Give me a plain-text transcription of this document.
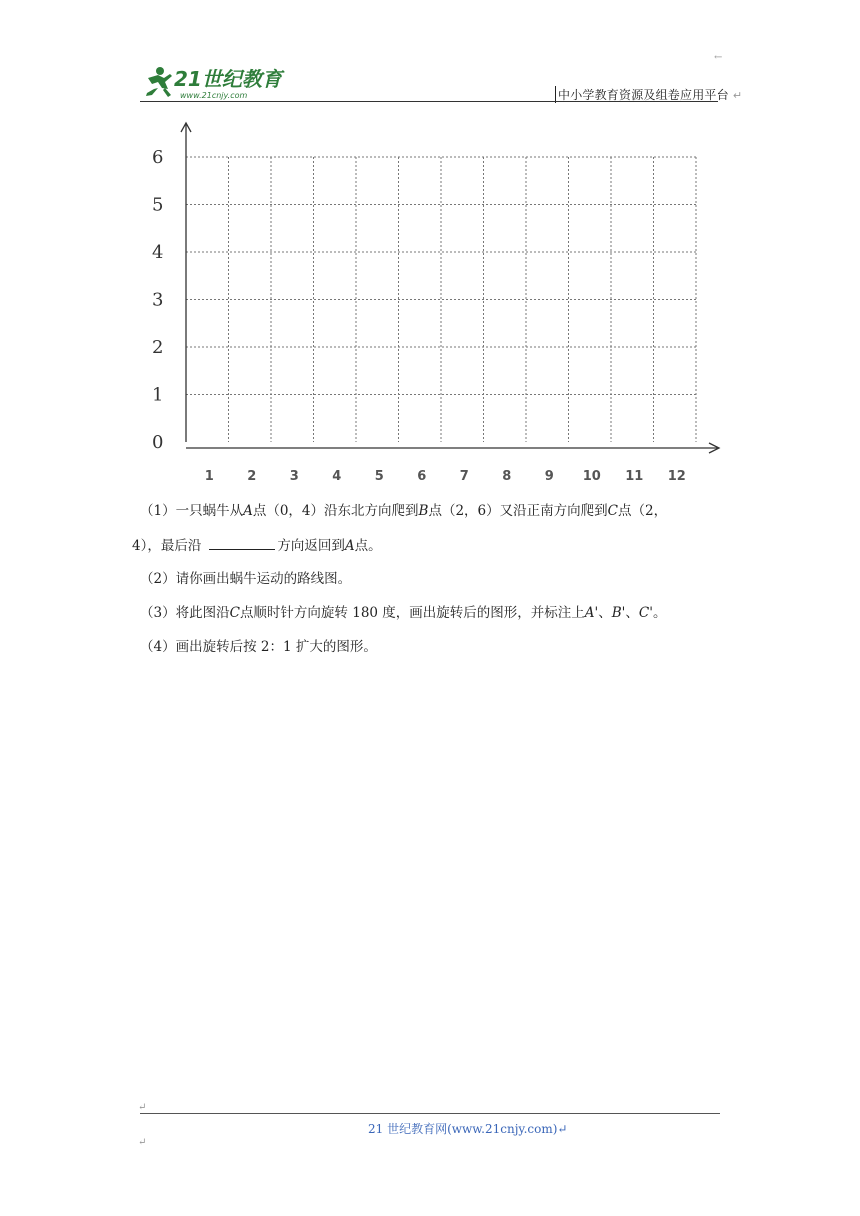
←
21世纪教育
www.21cnjy.com	中小学教育资源及组卷应用平台 ↵
0
1
2
3
4
5
6
1	2	3	4	5	6	7	8	9 10 11 12
（1）一只蜗牛从A点（0，4）沿东北方向爬到B点（2，6）又沿正南方向爬到C点（2，
4），最后沿	方向返回到A点。
（2）请你画出蜗牛运动的路线图。
（3）将此图沿C点顺时针方向旋转 180 度，画出旋转后的图形，并标注上A'、B'、C'。
（4）画出旋转后按 2：1 扩大的图形。
↵
21 世纪教育网(www.21cnjy.com)↵
↵
